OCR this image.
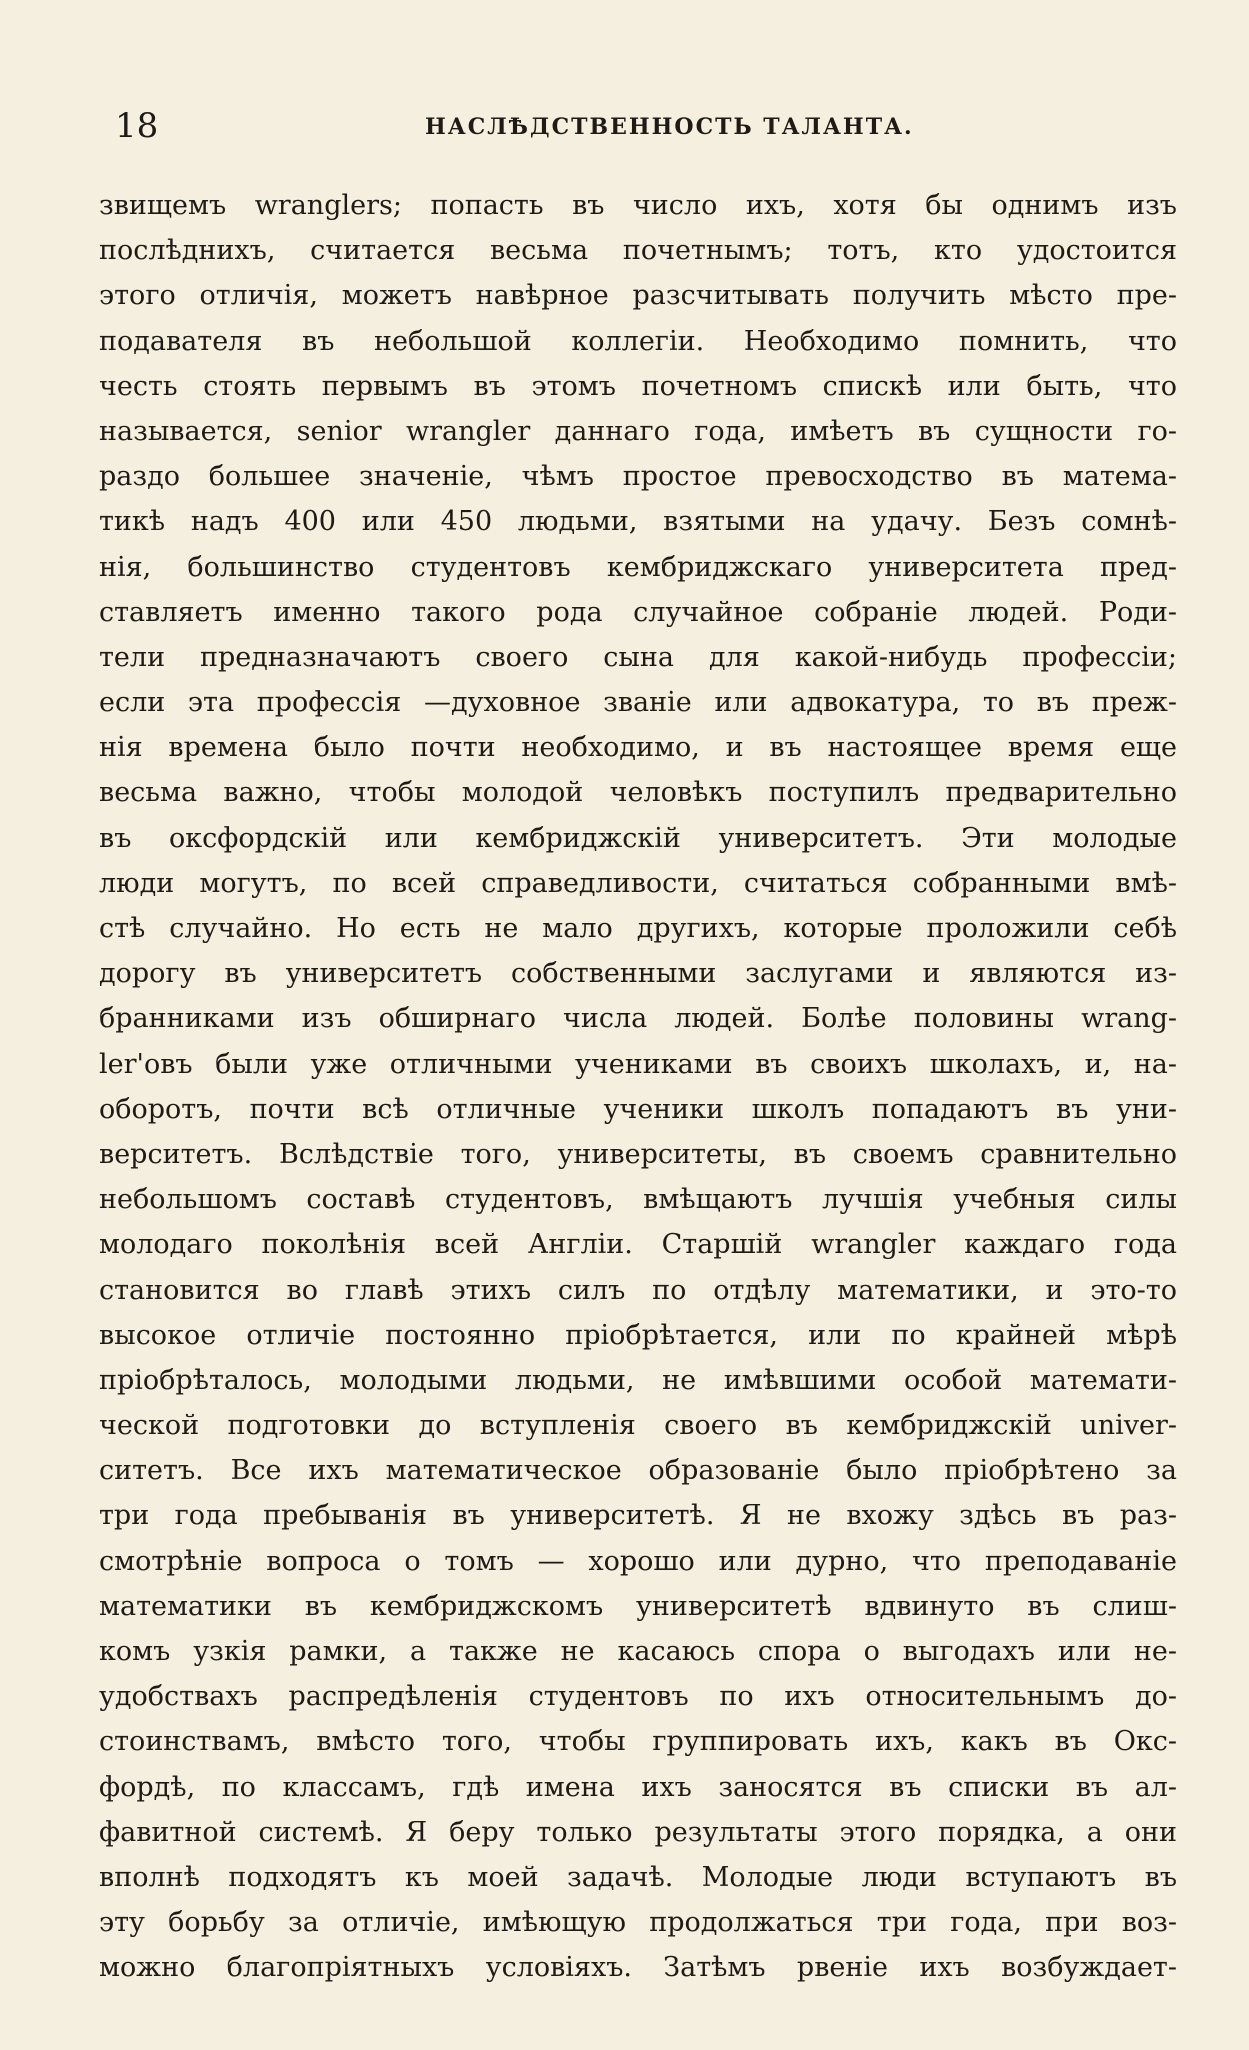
18	НАСЛѢДСТВЕННОСТЬ ТАЛАНТА.
звищемъ wranglers; попасть въ число ихъ, хотя бы однимъ изъ
послѣднихъ, считается весьма почетнымъ; тотъ, кто удостоится
этого отличія, можетъ навѣрное разсчитывать получить мѣсто пре-
подавателя въ небольшой коллегіи. Необходимо помнить, что
честь стоять первымъ въ этомъ почетномъ спискѣ или быть, что
называется, senior wrangler даннаго года, имѣетъ въ сущности го-
раздо большее значеніе, чѣмъ простое превосходство въ матема-
тикѣ надъ 400 или 450 людьми, взятыми на удачу. Безъ сомнѣ-
нія, большинство студентовъ кембриджскаго университета пред-
ставляетъ именно такого рода случайное собраніе людей. Роди-
тели предназначаютъ своего сына для какой-нибудь профессіи;
если эта профессія —духовное званіе или адвокатура, то въ преж-
нія времена было почти необходимо, и въ настоящее время еще
весьма важно, чтобы молодой человѣкъ поступилъ предварительно
въ оксфордскій или кембриджскій университетъ. Эти молодые
люди могутъ, по всей справедливости, считаться собранными вмѣ-
стѣ случайно. Но есть не мало другихъ, которые проложили себѣ
дорогу въ университетъ собственными заслугами и являются из-
бранниками изъ обширнаго числа людей. Болѣе половины wrang-
ler'овъ были уже отличными учениками въ своихъ школахъ, и, на-
оборотъ, почти всѣ отличные ученики школъ попадаютъ въ уни-
верситетъ. Вслѣдствіе того, университеты, въ своемъ сравнительно
небольшомъ составѣ студентовъ, вмѣщаютъ лучшія учебныя силы
молодаго поколѣнія всей Англіи. Старшій wrangler каждаго года
становится во главѣ этихъ силъ по отдѣлу математики, и это-то
высокое отличіе постоянно пріобрѣтается, или по крайней мѣрѣ
пріобрѣталось, молодыми людьми, не имѣвшими особой математи-
ческой подготовки до вступленія своего въ кембриджскій univer-
ситетъ. Все ихъ математическое образованіе было пріобрѣтено за
три года пребыванія въ университетѣ. Я не вхожу здѣсь въ раз-
смотрѣніе вопроса о томъ — хорошо или дурно, что преподаваніе
математики въ кембриджскомъ университетѣ вдвинуто въ слиш-
комъ узкія рамки, а также не касаюсь спора о выгодахъ или не-
удобствахъ распредѣленія студентовъ по ихъ относительнымъ до-
стоинствамъ, вмѣсто того, чтобы группировать ихъ, какъ въ Окс-
фордѣ, по классамъ, гдѣ имена ихъ заносятся въ списки въ ал-
фавитной системѣ. Я беру только результаты этого порядка, а они
вполнѣ подходятъ къ моей задачѣ. Молодые люди вступаютъ въ
эту борьбу за отличіе, имѣющую продолжаться три года, при воз-
можно благопріятныхъ условіяхъ. Затѣмъ рвеніе ихъ возбуждает-
